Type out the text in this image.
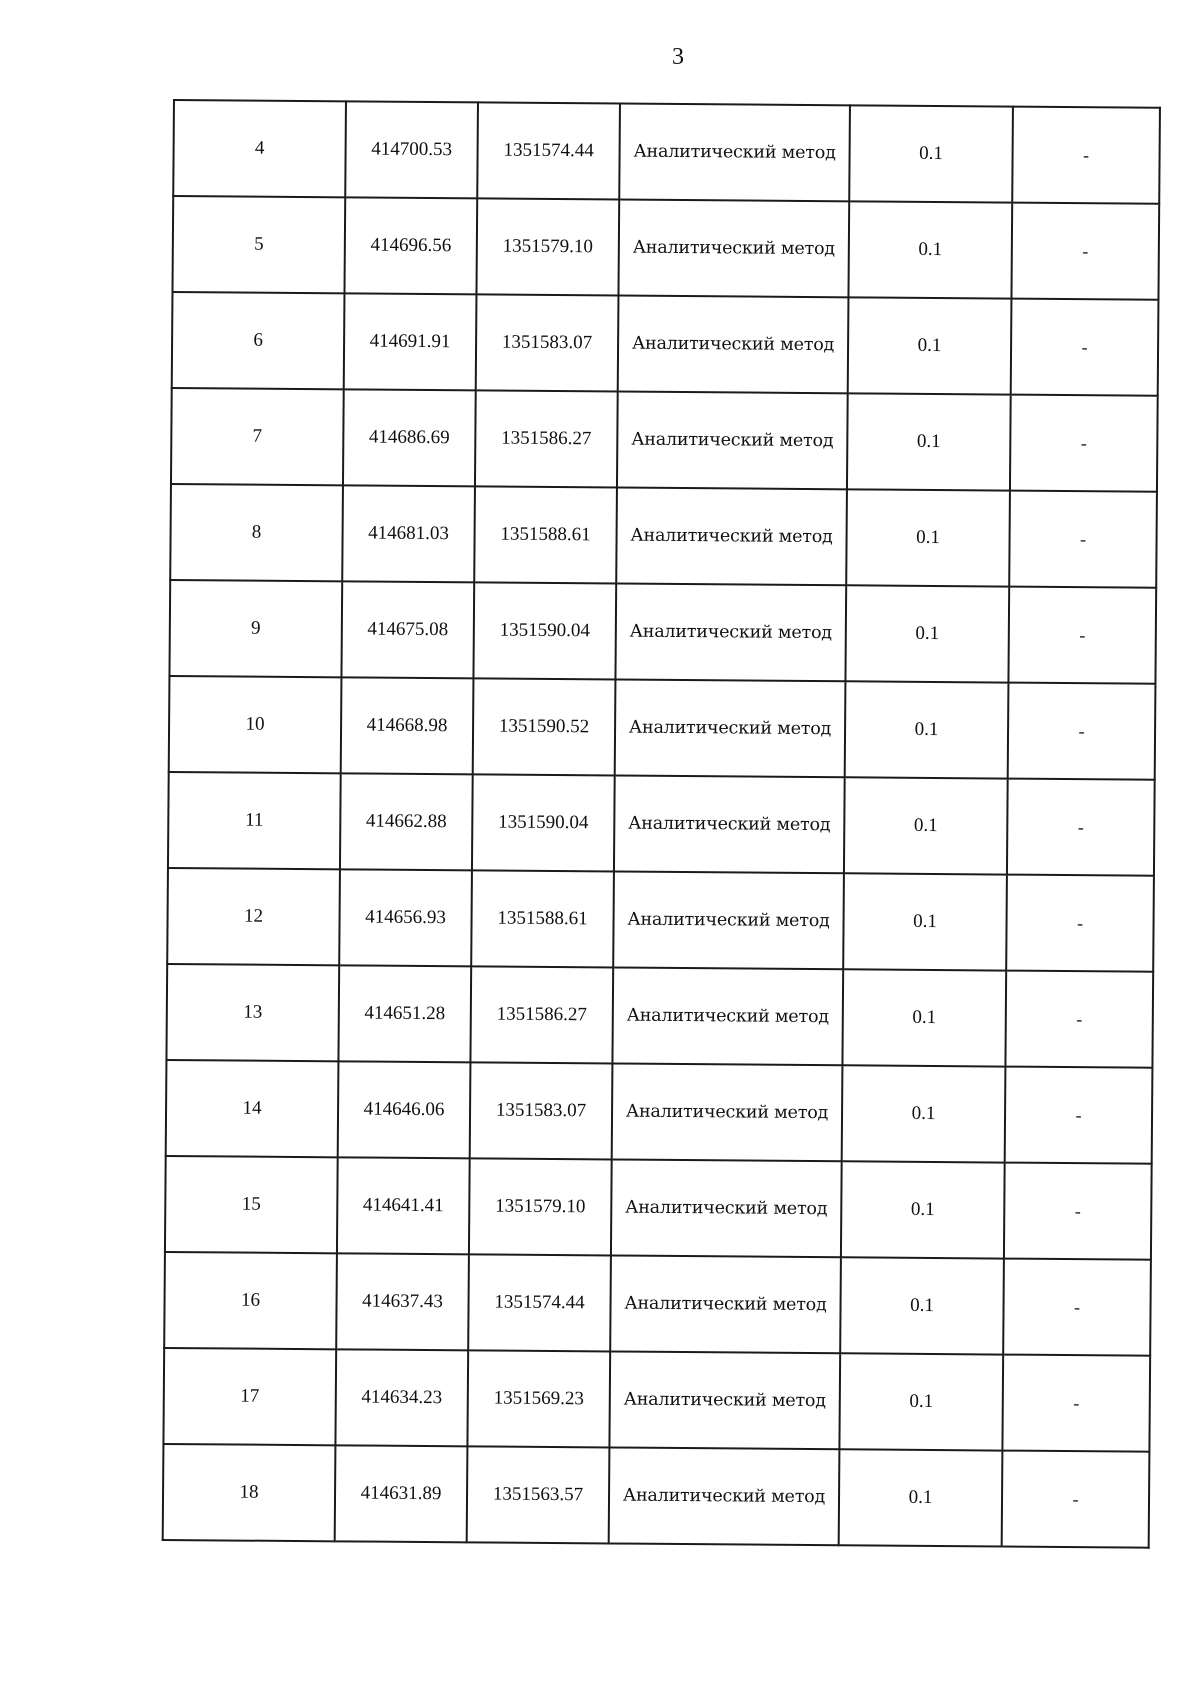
3
4	414700.53	1351574.44	Аналитический метод	0.1	-
5	414696.56	1351579.10	Аналитический метод	0.1	-
6	414691.91	1351583.07	Аналитический метод	0.1	-
7	414686.69	1351586.27	Аналитический метод	0.1	-
8	414681.03	1351588.61	Аналитический метод	0.1	-
9	414675.08	1351590.04	Аналитический метод	0.1	-
10	414668.98	1351590.52	Аналитический метод	0.1	-
11	414662.88	1351590.04	Аналитический метод	0.1	-
12	414656.93	1351588.61	Аналитический метод	0.1	-
13	414651.28	1351586.27	Аналитический метод	0.1	-
14	414646.06	1351583.07	Аналитический метод	0.1	-
15	414641.41	1351579.10	Аналитический метод	0.1	-
16	414637.43	1351574.44	Аналитический метод	0.1	-
17	414634.23	1351569.23	Аналитический метод	0.1	-
18	414631.89	1351563.57	Аналитический метод	0.1	-
